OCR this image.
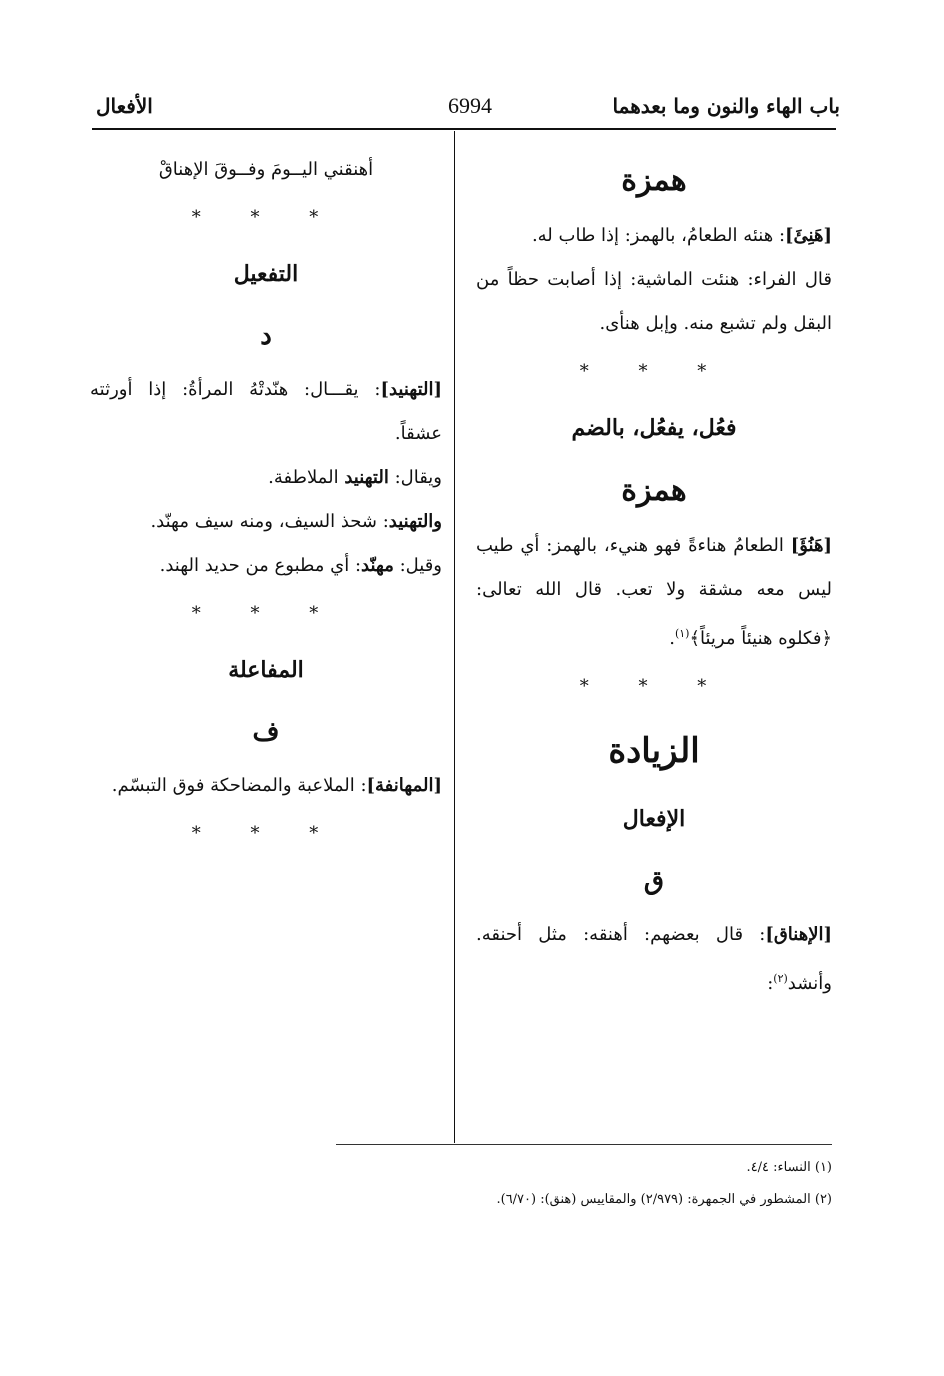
باب الهاء والنون وما بعدهما
6994
الأفعال

همزة

[هَنِئَ]: هنئه الطعامُ، بالهمز: إذا طاب له.

قال الفراء: هنئت الماشية: إذا أصابت حظاً من البقل ولم تشبع منه. وإبل هنأى.

* * *

فعُل، يفعُل، بالضم

همزة

[هَنُؤَ] الطعامُ هناءةً فهو هنيء، بالهمز: أي طيب ليس معه مشقة ولا تعب. قال الله تعالى: ﴿فكلوه هنيئاً مريئاً﴾$^{(١)}$.

* * *

الزيادة

الإفعال

ق

[الإهناق]: قال بعضهم: أهنقه: مثل أحنقه. وأنشد$^{(٢)}$:

أهنقني اليــومَ وفــوقَ الإهناقْ

* * *

التفعيل

د

[التهنيد]: يقـــال: هنّدتْهُ المرأةُ: إذا أورثته عشقاً.

ويقال: التهنيد الملاطفة.

والتهنيد: شحذ السيف، ومنه سيف مهنّد.

وقيل: مهنّد: أي مطبوع من حديد الهند.

* * *

المفاعلة

ف

[المهانفة]: الملاعبة والمضاحكة فوق التبسّم.

* * *

(١) النساء: ٤/٤.

(٢) المشطور في الجمهرة: (٢/٩٧٩) والمقاييس (هنق): (٦/٧٠).
